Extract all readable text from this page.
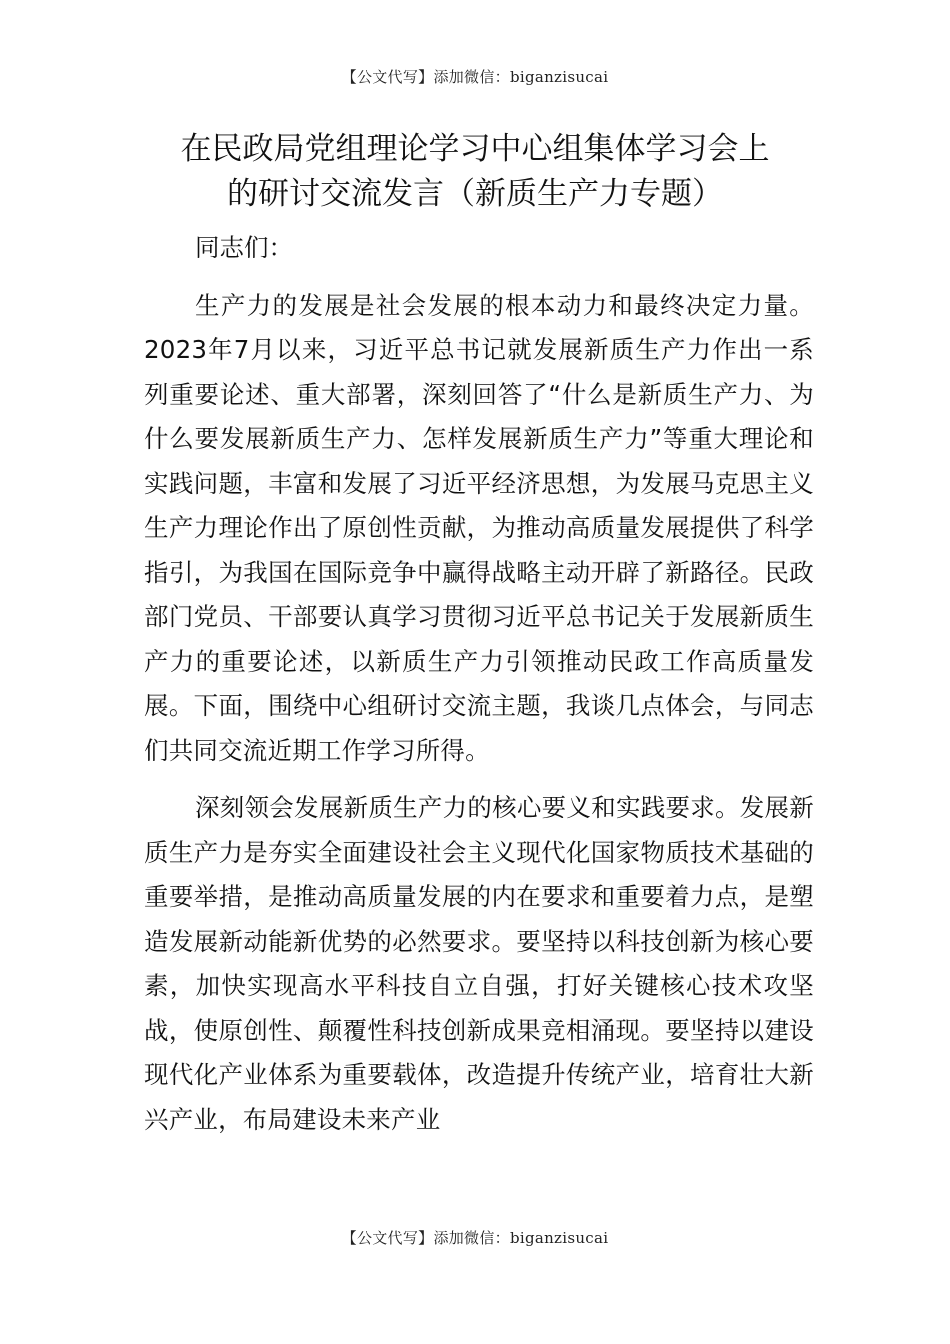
【公文代写】添加微信：biganzisucai
在民政局党组理论学习中心组集体学习会上
的研讨交流发言（新质生产力专题）

同志们：

生产力的发展是社会发展的根本动力和最终决定力量。2023年7月以来，习近平总书记就发展新质生产力作出一系列重要论述、重大部署，深刻回答了“什么是新质生产力、为什么要发展新质生产力、怎样发展新质生产力”等重大理论和实践问题，丰富和发展了习近平经济思想，为发展马克思主义生产力理论作出了原创性贡献，为推动高质量发展提供了科学指引，为我国在国际竞争中赢得战略主动开辟了新路径。民政部门党员、干部要认真学习贯彻习近平总书记关于发展新质生产力的重要论述，以新质生产力引领推动民政工作高质量发展。下面，围绕中心组研讨交流主题，我谈几点体会，与同志们共同交流近期工作学习所得。

深刻领会发展新质生产力的核心要义和实践要求。发展新质生产力是夯实全面建设社会主义现代化国家物质技术基础的重要举措，是推动高质量发展的内在要求和重要着力点，是塑造发展新动能新优势的必然要求。要坚持以科技创新为核心要素，加快实现高水平科技自立自强，打好关键核心技术攻坚战，使原创性、颠覆性科技创新成果竞相涌现。要坚持以建设现代化产业体系为重要载体，改造提升传统产业，培育壮大新兴产业，布局建设未来产业

【公文代写】添加微信：biganzisucai
